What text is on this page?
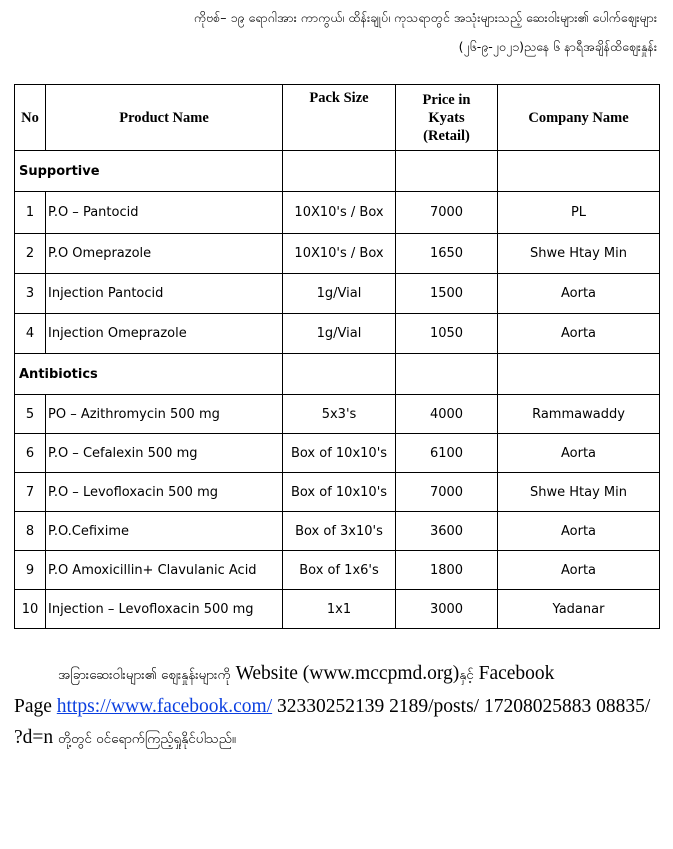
ကိုဗစ်– ၁၉ ရောဂါအား ကာကွယ်၊ ထိန်းချုပ်၊ ကုသရာတွင် အသုံးများသည့် ဆေးဝါးများ၏ ပေါက်ဈေးများ
(၂၆-၉-၂၀၂၁)ညနေ ၆ နာရီအချိန်ထိဈေးနှုန်း
No	Product Name	Pack Size	Price in Kyats (Retail)	Company Name
Supportive				
1	P.O – Pantocid	10X10's / Box	7000	PL
2	P.O Omeprazole	10X10's / Box	1650	Shwe Htay Min
3	Injection Pantocid	1g/Vial	1500	Aorta
4	Injection Omeprazole	1g/Vial	1050	Aorta
Antibiotics				
5	PO – Azithromycin 500 mg	5x3's	4000	Rammawaddy
6	P.O – Cefalexin 500 mg	Box of 10x10's	6100	Aorta
7	P.O – Levofloxacin 500 mg	Box of 10x10's	7000	Shwe Htay Min
8	P.O.Cefixime	Box of 3x10's	3600	Aorta
9	P.O Amoxicillin+ Clavulanic Acid	Box of 1x6's	1800	Aorta
10	Injection – Levofloxacin 500 mg	1x1	3000	Yadanar
အခြားဆေးဝါးများ၏ ဈေးနှုန်းများကို Website (www.mccpmd.org)နှင့် Facebook
Page https://www.facebook.com/ 32330252139 2189/posts/ 17208025883 08835/ ?d=n တို့တွင် ဝင်ရောက်ကြည့်ရှုနိုင်ပါသည်။
